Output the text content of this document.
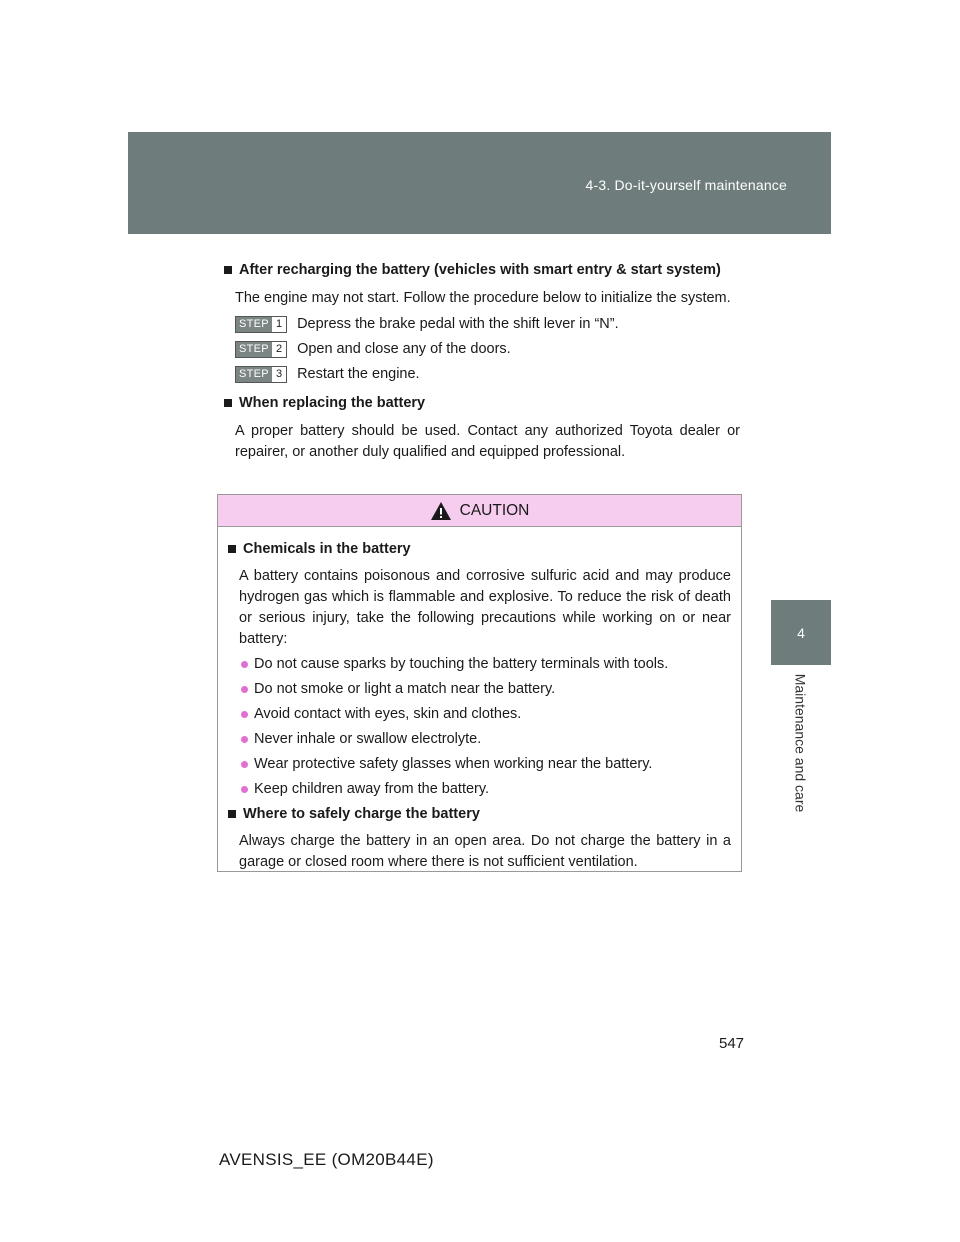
4-3. Do-it-yourself maintenance
4
Maintenance and care
After recharging the battery (vehicles with smart entry & start system)
The engine may not start. Follow the procedure below to initialize the system.
STEP 1 Depress the brake pedal with the shift lever in “N”.
STEP 2 Open and close any of the doors.
STEP 3 Restart the engine.
When replacing the battery
A proper battery should be used. Contact any authorized Toyota dealer or repairer, or another duly qualified and equipped professional.
CAUTION
Chemicals in the battery
A battery contains poisonous and corrosive sulfuric acid and may produce hydrogen gas which is flammable and explosive. To reduce the risk of death or serious injury, take the following precautions while working on or near battery:
Do not cause sparks by touching the battery terminals with tools.
Do not smoke or light a match near the battery.
Avoid contact with eyes, skin and clothes.
Never inhale or swallow electrolyte.
Wear protective safety glasses when working near the battery.
Keep children away from the battery.
Where to safely charge the battery
Always charge the battery in an open area. Do not charge the battery in a garage or closed room where there is not sufficient ventilation.
547
AVENSIS_EE (OM20B44E)
